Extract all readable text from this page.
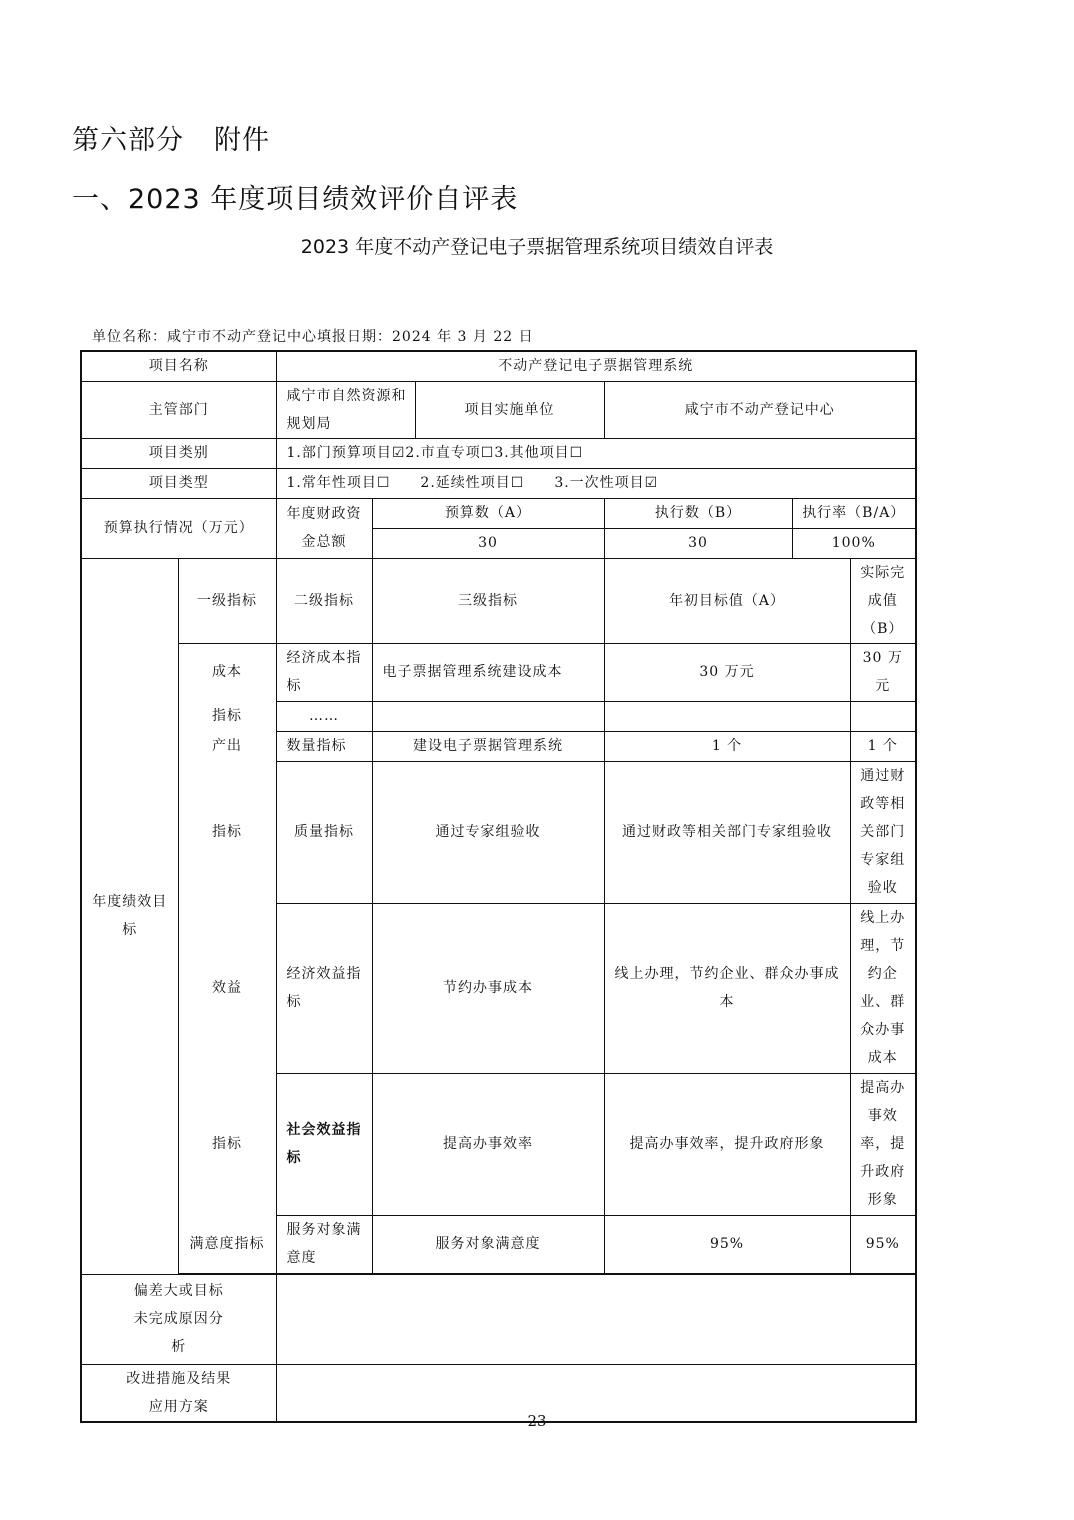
第六部分 附件
一、2023 年度项目绩效评价自评表
2023 年度不动产登记电子票据管理系统项目绩效自评表
单位名称：咸宁市不动产登记中心填报日期：2024 年 3 月 22 日
项目名称		不动产登记电子票据管理系统					
主管部门		咸宁市自然资源和规划局		项目实施单位	咸宁市不动产登记中心		
项目类别		1.部门预算项目☑2.市直专项☐3.其他项目☐					
项目类型		1.常年性项目☐　　2.延续性项目☐　　3.一次性项目☑					
预算执行情况（万元）		年度财政资金总额	预算数（A）		执行数（B）	执行率（B/A）	
			30		30	100%	
年度绩效目标	一级指标	二级指标	三级指标		年初目标值（A）		实际完成值（B）
	成本	经济成本指标	电子票据管理系统建设成本		30 万元		30 万元
	指标	……					
	产出	数量指标	建设电子票据管理系统		1 个		1 个
	指标	质量指标	通过专家组验收		通过财政等相关部门专家组验收		通过财政等相关部门专家组验收
	效益	经济效益指标	节约办事成本		线上办理，节约企业、群众办事成本		线上办理，节约企业、群众办事成本
	指标	社会效益指标	提高办事效率		提高办事效率，提升政府形象		提高办事效率，提升政府形象
	满意度指标	服务对象满意度	服务对象满意度		95%		95%

偏差大或目标未完成原因分析							
改进措施及结果应用方案							
23
